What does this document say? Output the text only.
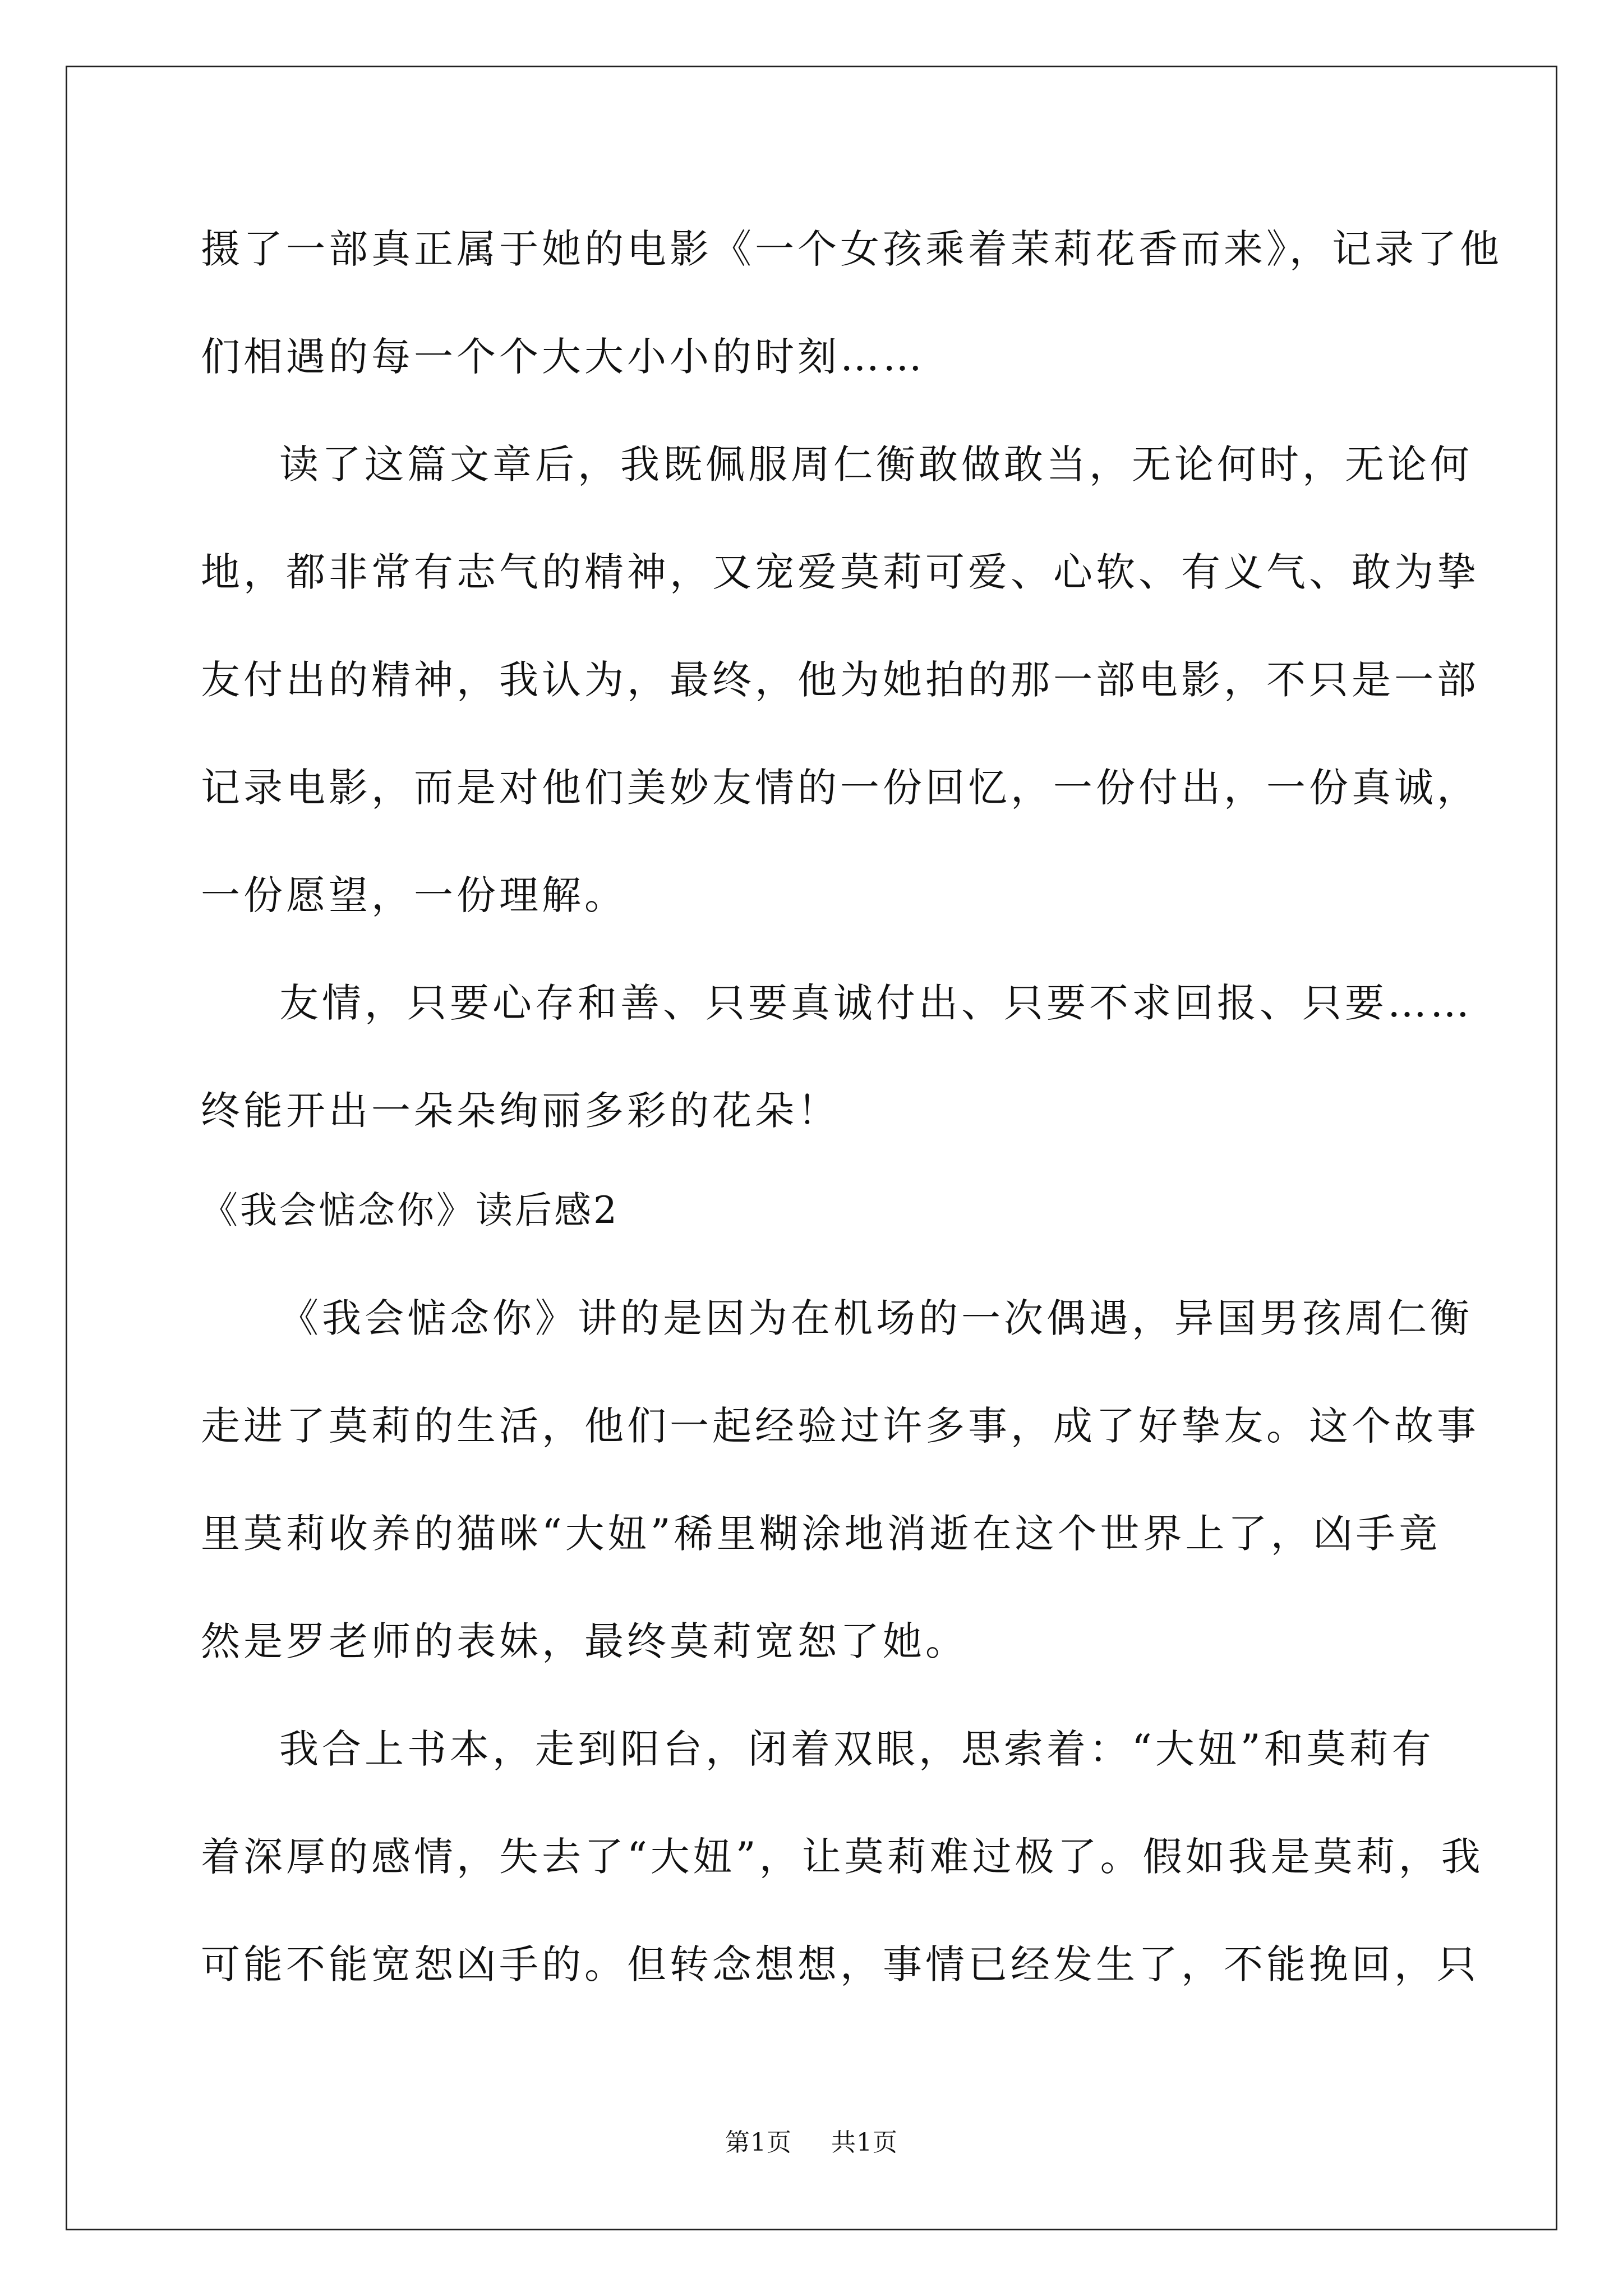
摄了一部真正属于她的电影《一个女孩乘着茉莉花香而来》，记录了他
们相遇的每一个个大大小小的时刻……
读了这篇文章后，我既佩服周仁衡敢做敢当，无论何时，无论何
地，都非常有志气的精神，又宠爱莫莉可爱、心软、有义气、敢为挚
友付出的精神，我认为，最终，他为她拍的那一部电影，不只是一部
记录电影，而是对他们美妙友情的一份回忆，一份付出，一份真诚，
一份愿望，一份理解。
友情，只要心存和善、只要真诚付出、只要不求回报、只要……
终能开出一朵朵绚丽多彩的花朵！
《我会惦念你》读后感2
《我会惦念你》讲的是因为在机场的一次偶遇，异国男孩周仁衡
走进了莫莉的生活，他们一起经验过许多事，成了好挚友。这个故事
里莫莉收养的猫咪“大妞”稀里糊涂地消逝在这个世界上了，凶手竟
然是罗老师的表妹，最终莫莉宽恕了她。
我合上书本，走到阳台，闭着双眼，思索着：“大妞”和莫莉有
着深厚的感情，失去了“大妞”，让莫莉难过极了。假如我是莫莉，我
可能不能宽恕凶手的。但转念想想，事情已经发生了，不能挽回，只
第1页 共1页
